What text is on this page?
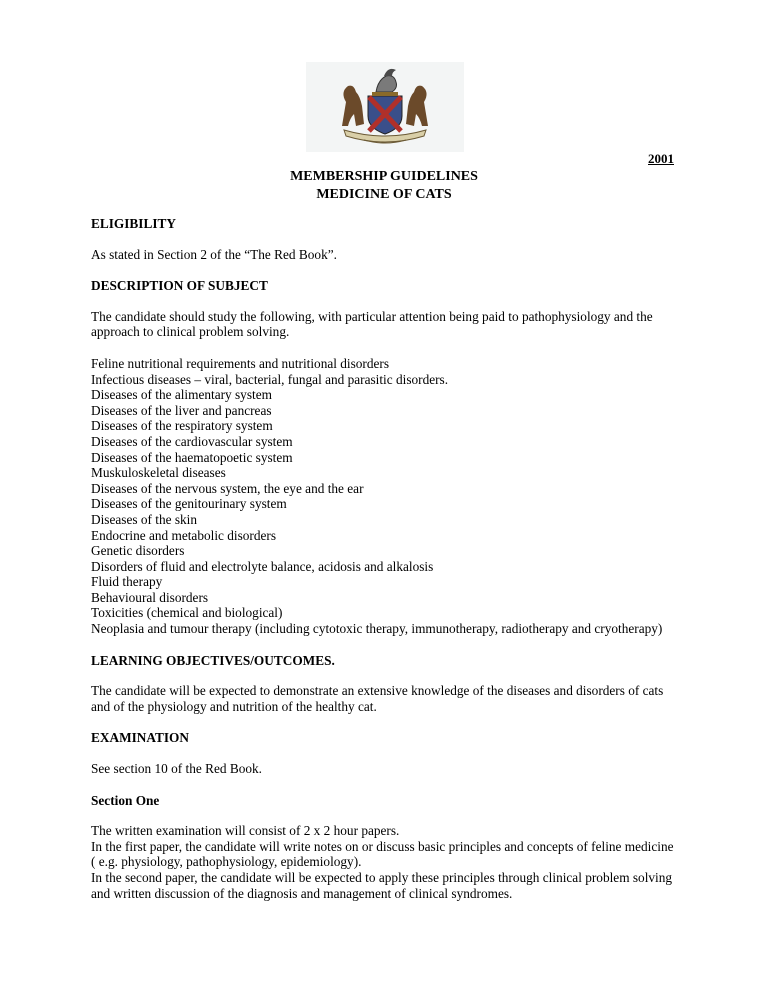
2001
MEMBERSHIP GUIDELINES
MEDICINE OF CATS

ELIGIBILITY

As stated in Section 2 of the “The Red Book”.

DESCRIPTION OF SUBJECT

The candidate should study the following, with particular attention being paid to pathophysiology and the approach to clinical problem solving.

Feline nutritional requirements and nutritional disorders
Infectious diseases – viral, bacterial, fungal and parasitic disorders.
Diseases of the alimentary system
Diseases of the liver and pancreas
Diseases of the respiratory system
Diseases of the cardiovascular system
Diseases of the haematopoetic system
Muskuloskeletal diseases
Diseases of the nervous system, the eye and the ear
Diseases of the genitourinary system
Diseases of the skin
Endocrine and metabolic disorders
Genetic disorders
Disorders of fluid and electrolyte balance, acidosis and alkalosis
Fluid therapy
Behavioural disorders
Toxicities (chemical and biological)
Neoplasia and tumour therapy (including cytotoxic therapy, immunotherapy, radiotherapy and cryotherapy)

LEARNING OBJECTIVES/OUTCOMES.

The candidate will be expected to demonstrate an extensive knowledge of the diseases and disorders of cats and of the physiology and nutrition of the healthy cat.

EXAMINATION

See section 10 of the Red Book.

Section One

The written examination will consist of 2 x 2 hour papers.

In the first paper, the candidate will write notes on or discuss basic principles and concepts of feline medicine ( e.g. physiology, pathophysiology, epidemiology).

In the second paper, the candidate will be expected to apply these principles through clinical problem solving and written discussion of the diagnosis and management of clinical syndromes.
